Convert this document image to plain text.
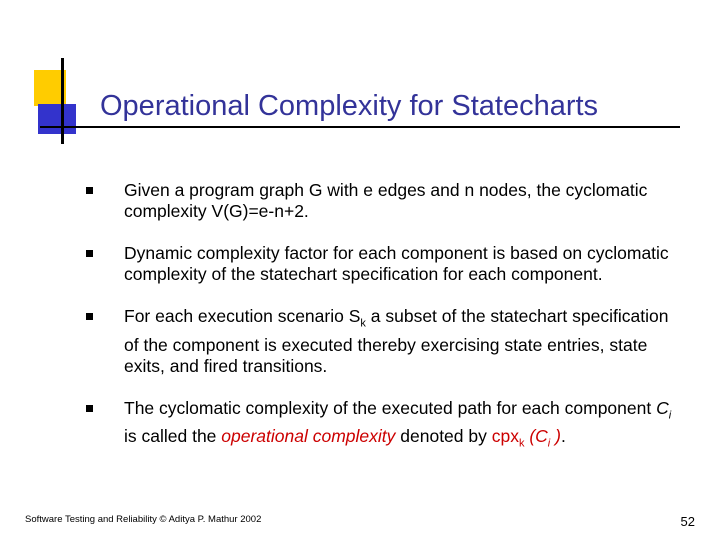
Operational Complexity for Statecharts
Given a program graph G with e edges and n nodes, the cyclomatic complexity V(G)=e-n+2.
Dynamic complexity factor for each component is based on cyclomatic complexity of the statechart specification for each component.
For each execution scenario $S_k$ a subset of the statechart specification of the component is executed thereby exercising state entries, state exits, and fired transitions.
The cyclomatic complexity of the executed path for each component $C_i$ is called the operational complexity denoted by cpx$_k$ ($C_i$ ).
Software Testing and Reliability © Aditya P. Mathur 2002	52
